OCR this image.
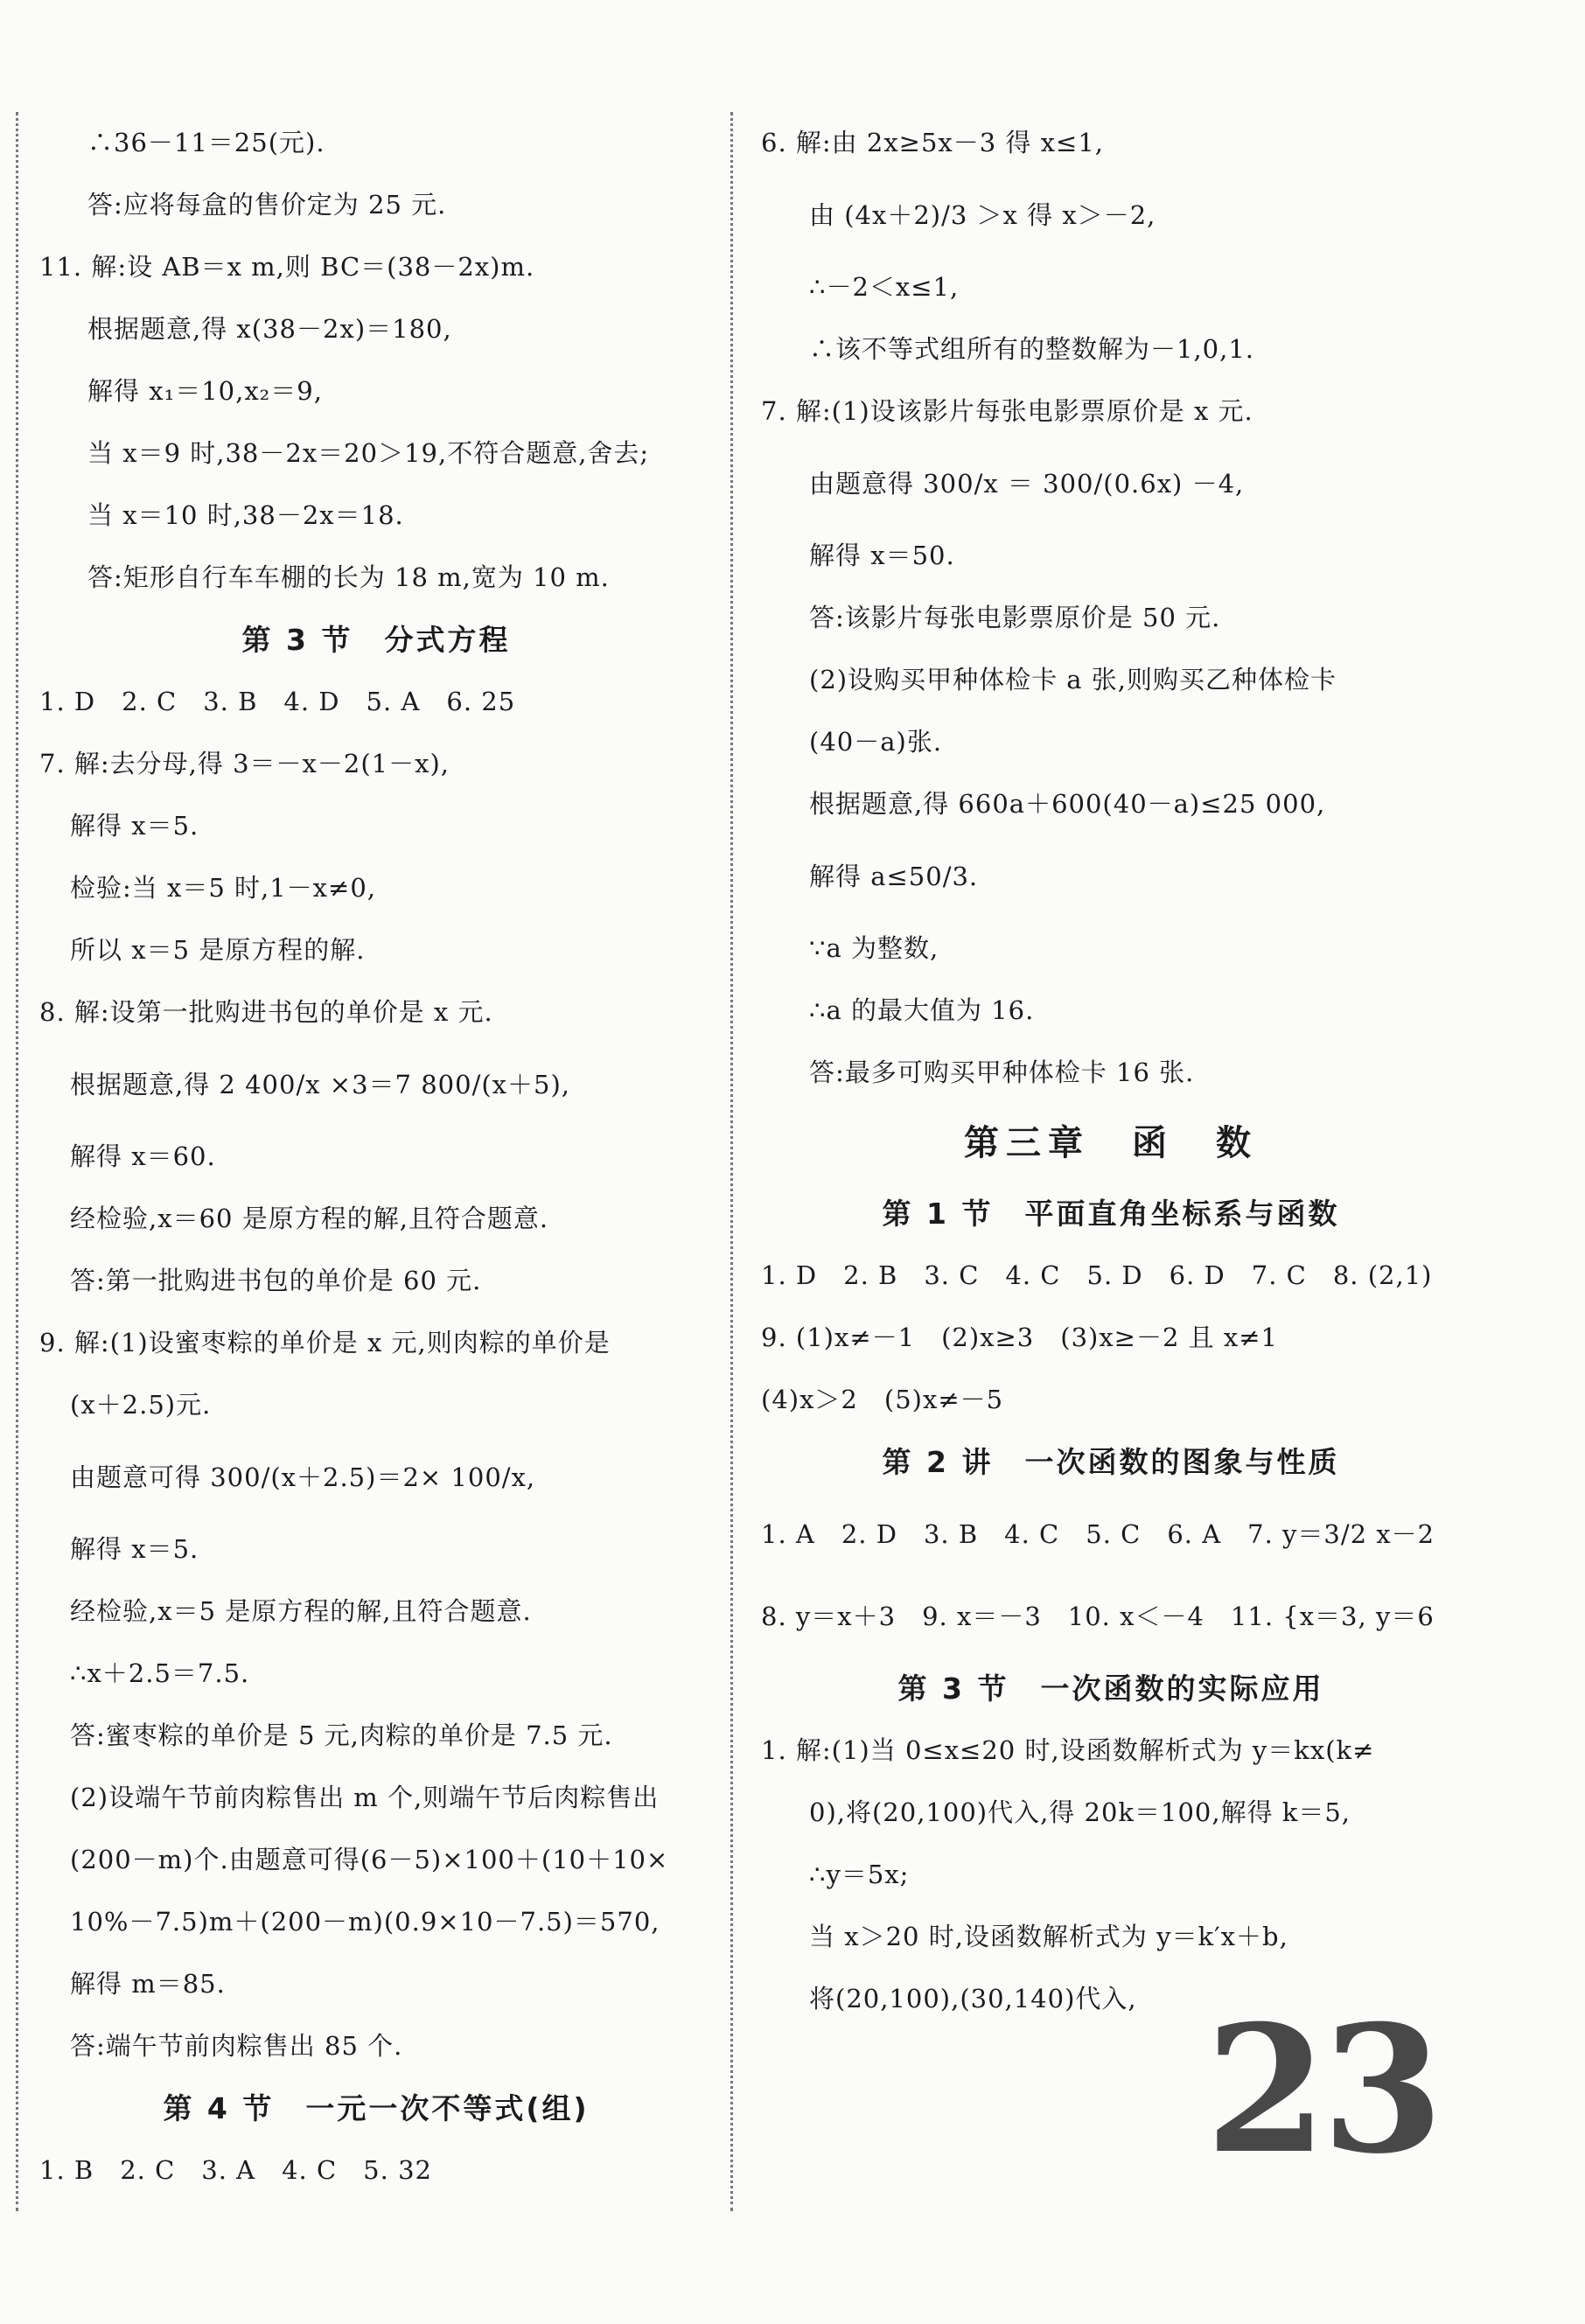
∴36－11＝25(元).
答:应将每盒的售价定为 25 元.
11. 解:设 AB＝x m,则 BC＝(38－2x)m.
根据题意,得 x(38－2x)＝180,
解得 x₁＝10,x₂＝9,
当 x＝9 时,38－2x＝20＞19,不符合题意,舍去;
当 x＝10 时,38－2x＝18.
答:矩形自行车车棚的长为 18 m,宽为 10 m.
第 3 节　分式方程
1. D　2. C　3. B　4. D　5. A　6. 25
7. 解:去分母,得 3＝－x－2(1－x),
解得 x＝5.
检验:当 x＝5 时,1－x≠0,
所以 x＝5 是原方程的解.
8. 解:设第一批购进书包的单价是 x 元.
根据题意,得 2 400/x ×3＝7 800/(x＋5),
解得 x＝60.
经检验,x＝60 是原方程的解,且符合题意.
答:第一批购进书包的单价是 60 元.
9. 解:(1)设蜜枣粽的单价是 x 元,则肉粽的单价是
(x＋2.5)元.
由题意可得 300/(x＋2.5)＝2× 100/x,
解得 x＝5.
经检验,x＝5 是原方程的解,且符合题意.
∴x＋2.5＝7.5.
答:蜜枣粽的单价是 5 元,肉粽的单价是 7.5 元.
(2)设端午节前肉粽售出 m 个,则端午节后肉粽售出
(200－m)个.由题意可得(6－5)×100＋(10＋10×
10%－7.5)m＋(200－m)(0.9×10－7.5)＝570,
解得 m＝85.
答:端午节前肉粽售出 85 个.
第 4 节　一元一次不等式(组)
1. B　2. C　3. A　4. C　5. 32
6. 解:由 2x≥5x－3 得 x≤1,
由 (4x＋2)/3 ＞x 得 x＞－2,
∴－2＜x≤1,
∴该不等式组所有的整数解为－1,0,1.
7. 解:(1)设该影片每张电影票原价是 x 元.
由题意得 300/x ＝ 300/(0.6x) －4,
解得 x＝50.
答:该影片每张电影票原价是 50 元.
(2)设购买甲种体检卡 a 张,则购买乙种体检卡
(40－a)张.
根据题意,得 660a＋600(40－a)≤25 000,
解得 a≤50/3.
∵a 为整数,
∴a 的最大值为 16.
答:最多可购买甲种体检卡 16 张.
第三章　函　数
第 1 节　平面直角坐标系与函数
1. D　2. B　3. C　4. C　5. D　6. D　7. C　8. (2,1)
9. (1)x≠－1　(2)x≥3　(3)x≥－2 且 x≠1
(4)x＞2　(5)x≠－5
第 2 讲　一次函数的图象与性质
1. A　2. D　3. B　4. C　5. C　6. A　7. y＝3/2 x－2
8. y＝x＋3　9. x＝－3　10. x＜－4　11. {x＝3, y＝6
第 3 节　一次函数的实际应用
1. 解:(1)当 0≤x≤20 时,设函数解析式为 y＝kx(k≠
0),将(20,100)代入,得 20k＝100,解得 k＝5,
∴y＝5x;
当 x＞20 时,设函数解析式为 y＝k′x＋b,
将(20,100),(30,140)代入, 23
